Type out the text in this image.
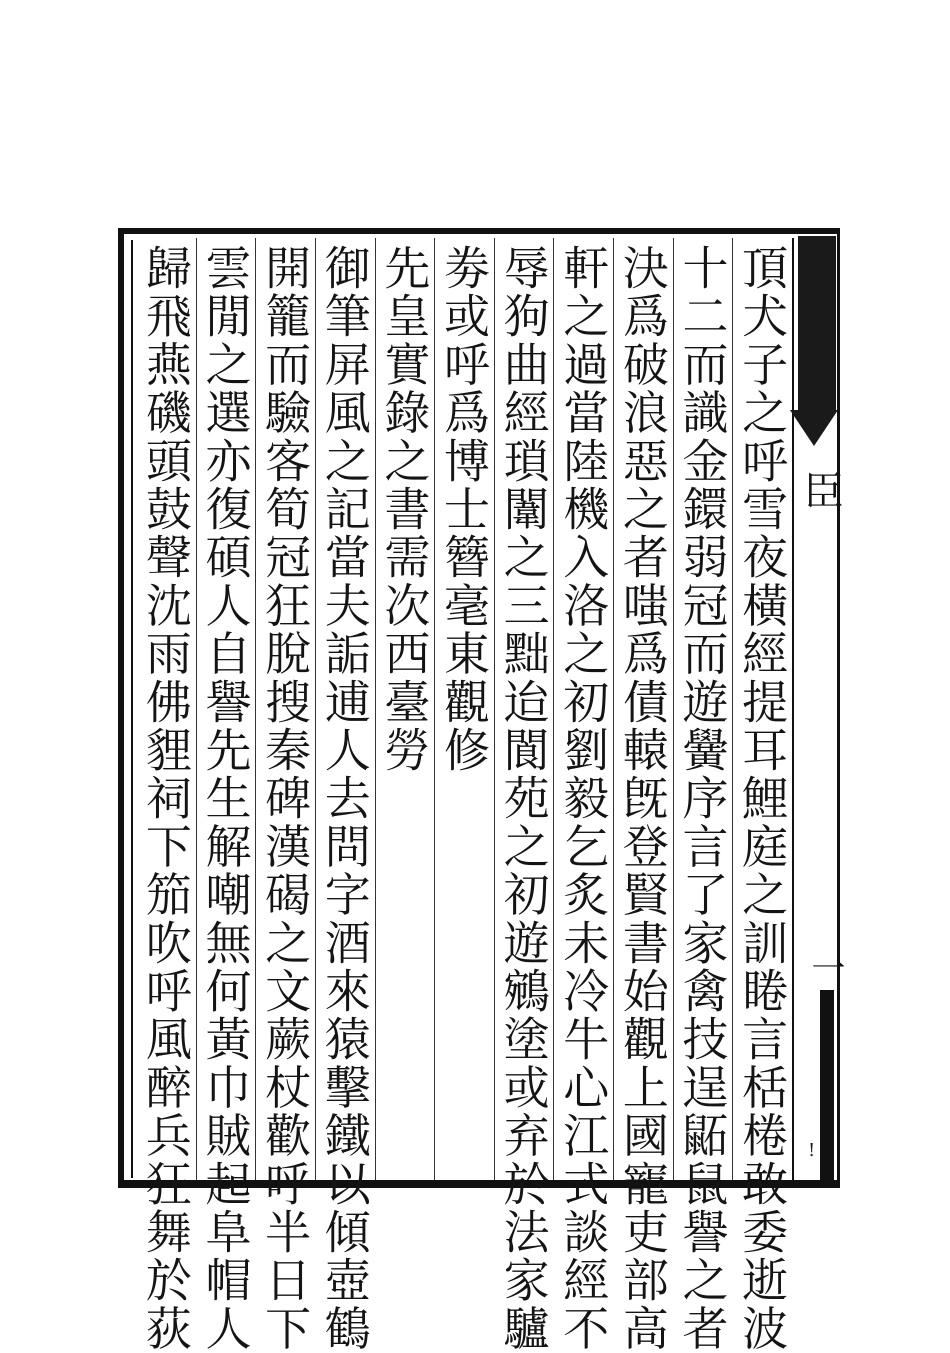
頂犬子之呼雪夜橫經提耳鯉庭之訓睠言栝棬敢委逝波
十二而識金鐶弱冠而遊黌序言了家禽技逞鼫鼠譽之者
決爲破浪惡之者嗤爲債轅旣登賢書始觀上國寵吏部高
軒之過當陸機入洛之初劉毅乞炙未冷牛心江式談經不
辱狗曲經瑣闈之三黜迨閬苑之初遊鵷塗或弃於法家驢
劵或呼爲博士簪毫東觀修
先皇實錄之書需次西臺勞
御筆屏風之記當夫詬逋人去問字酒來猿擊鐵以傾壺鶴
開籠而驗客筍冠狂脫搜秦碑漢碣之文蕨杖歡呼半日下
雲閒之選亦復碩人自譽先生解嘲無何黃巾賊起阜帽人
歸飛燕磯頭鼓聲沈雨佛貍祠下笳吹呼風醉兵狂舞於荻	臣
一
!
